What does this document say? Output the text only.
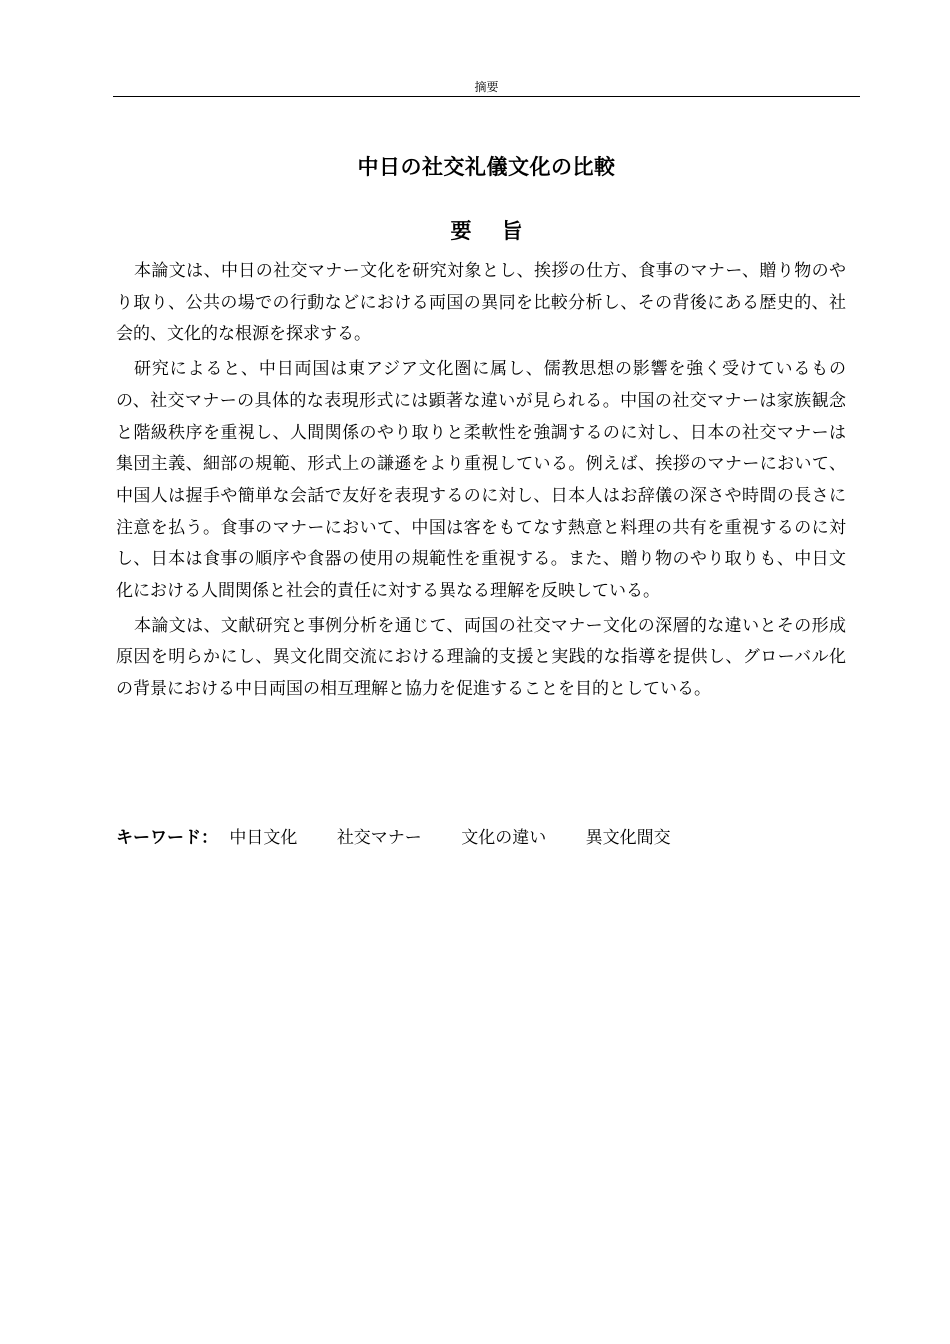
摘要
中日の社交礼儀文化の比較
要旨

本論文は、中日の社交マナー文化を研究対象とし、挨拶の仕方、食事のマナー、贈り物のやり取り、公共の場での行動などにおける両国の異同を比較分析し、その背後にある歴史的、社会的、文化的な根源を探求する。

研究によると、中日両国は東アジア文化圏に属し、儒教思想の影響を強く受けているものの、社交マナーの具体的な表現形式には顕著な違いが見られる。中国の社交マナーは家族観念と階級秩序を重視し、人間関係のやり取りと柔軟性を強調するのに対し、日本の社交マナーは集団主義、細部の規範、形式上の謙遜をより重視している。例えば、挨拶のマナーにおいて、中国人は握手や簡単な会話で友好を表現するのに対し、日本人はお辞儀の深さや時間の長さに注意を払う。食事のマナーにおいて、中国は客をもてなす熱意と料理の共有を重視するのに対し、日本は食事の順序や食器の使用の規範性を重視する。また、贈り物のやり取りも、中日文化における人間関係と社会的責任に対する異なる理解を反映している。

本論文は、文献研究と事例分析を通じて、両国の社交マナー文化の深層的な違いとその形成原因を明らかにし、異文化間交流における理論的支援と実践的な指導を提供し、グローバル化の背景における中日両国の相互理解と協力を促進することを目的としている。

キーワード： 中日文化 社交マナー 文化の違い 異文化間交
